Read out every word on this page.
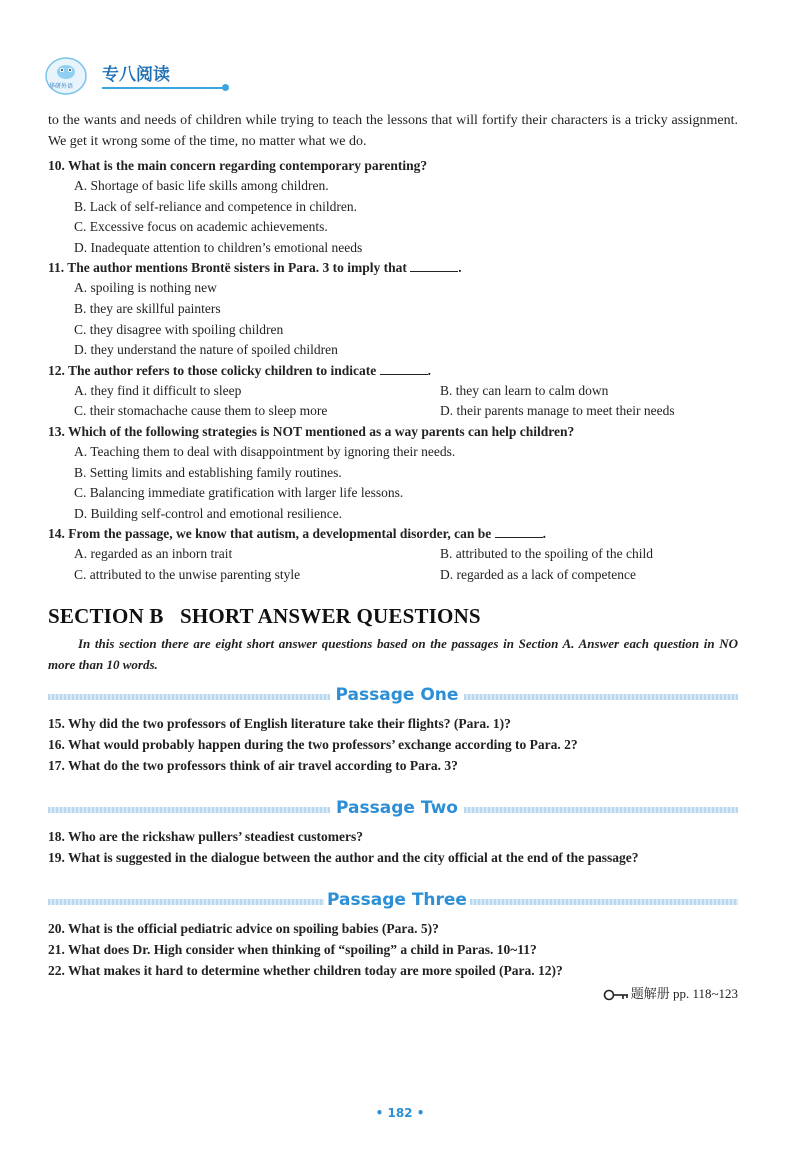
华研外语
专八阅读

to the wants and needs of children while trying to teach the lessons that will fortify their characters is a tricky assignment. We get it wrong some of the time, no matter what we do.

10. What is the main concern regarding contemporary parenting?

A. Shortage of basic life skills among children.
B. Lack of self-reliance and competence in children.
C. Excessive focus on academic achievements.
D. Inadequate attention to children’s emotional needs

11. The author mentions Brontë sisters in Para. 3 to imply that	.

A. spoiling is nothing new
B. they are skillful painters
C. they disagree with spoiling children
D. they understand the nature of spoiled children

12. The author refers to those colicky children to indicate	.

A. they find it difficult to sleep	B. they can learn to calm down
C. their stomachache cause them to sleep more	D. their parents manage to meet their needs

13. Which of the following strategies is NOT mentioned as a way parents can help children?

A. Teaching them to deal with disappointment by ignoring their needs.
B. Setting limits and establishing family routines.
C. Balancing immediate gratification with larger life lessons.
D. Building self-control and emotional resilience.

14. From the passage, we know that autism, a developmental disorder, can be	.

A. regarded as an inborn trait	B. attributed to the spoiling of the child
C. attributed to the unwise parenting style	D. regarded as a lack of competence
SECTION B   SHORT ANSWER QUESTIONS

In this section there are eight short answer questions based on the passages in Section A. Answer each question in NO more than 10 words.

Passage One

15. Why did the two professors of English literature take their flights? (Para. 1)?

16. What would probably happen during the two professors’ exchange according to Para. 2?

17. What do the two professors think of air travel according to Para. 3?

Passage Two

18. Who are the rickshaw pullers’ steadiest customers?

19. What is suggested in the dialogue between the author and the city official at the end of the passage?

Passage Three

20. What is the official pediatric advice on spoiling babies (Para. 5)?

21. What does Dr. High consider when thinking of “spoiling” a child in Paras. 10~11?

22. What makes it hard to determine whether children today are more spoiled (Para. 12)?

题解册 pp. 118~123
• 182 •
